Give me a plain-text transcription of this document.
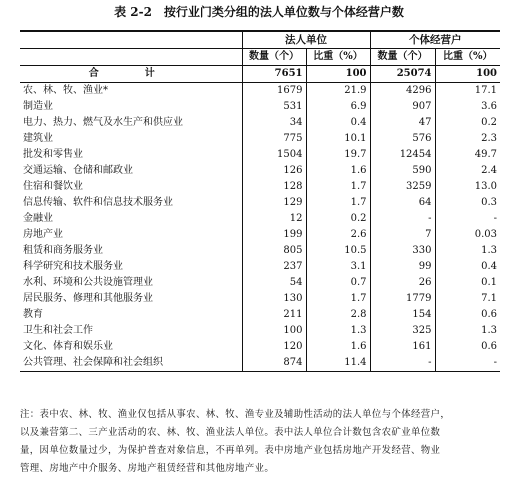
表 2-2　按行业门类分组的法人单位数与个体经营户数
	法人单位		个体经营户	
	数量（个）	比重（%）	数量（个）	比重（%）
合　计	7651	100	25074	100
农、林、牧、渔业*	1679	21.9	4296	17.1
制造业	531	6.9	907	3.6
电力、热力、燃气及水生产和供应业	34	0.4	47	0.2
建筑业	775	10.1	576	2.3
批发和零售业	1504	19.7	12454	49.7
交通运输、仓储和邮政业	126	1.6	590	2.4
住宿和餐饮业	128	1.7	3259	13.0
信息传输、软件和信息技术服务业	129	1.7	64	0.3
金融业	12	0.2	-	-
房地产业	199	2.6	7	0.03
租赁和商务服务业	805	10.5	330	1.3
科学研究和技术服务业	237	3.1	99	0.4
水利、环境和公共设施管理业	54	0.7	26	0.1
居民服务、修理和其他服务业	130	1.7	1779	7.1
教育	211	2.8	154	0.6
卫生和社会工作	100	1.3	325	1.3
文化、体育和娱乐业	120	1.6	161	0.6
公共管理、社会保障和社会组织	874	11.4	-	-
注：表中农、林、牧、渔业仅包括从事农、林、牧、渔专业及辅助性活动的法人单位与个体经营户，
以及兼营第二、三产业活动的农、林、牧、渔业法人单位。表中法人单位合计数包含农矿业单位数
量，因单位数量过少，为保护普查对象信息，不再单列。表中房地产业包括房地产开发经营、物业
管理、房地产中介服务、房地产租赁经营和其他房地产业。
